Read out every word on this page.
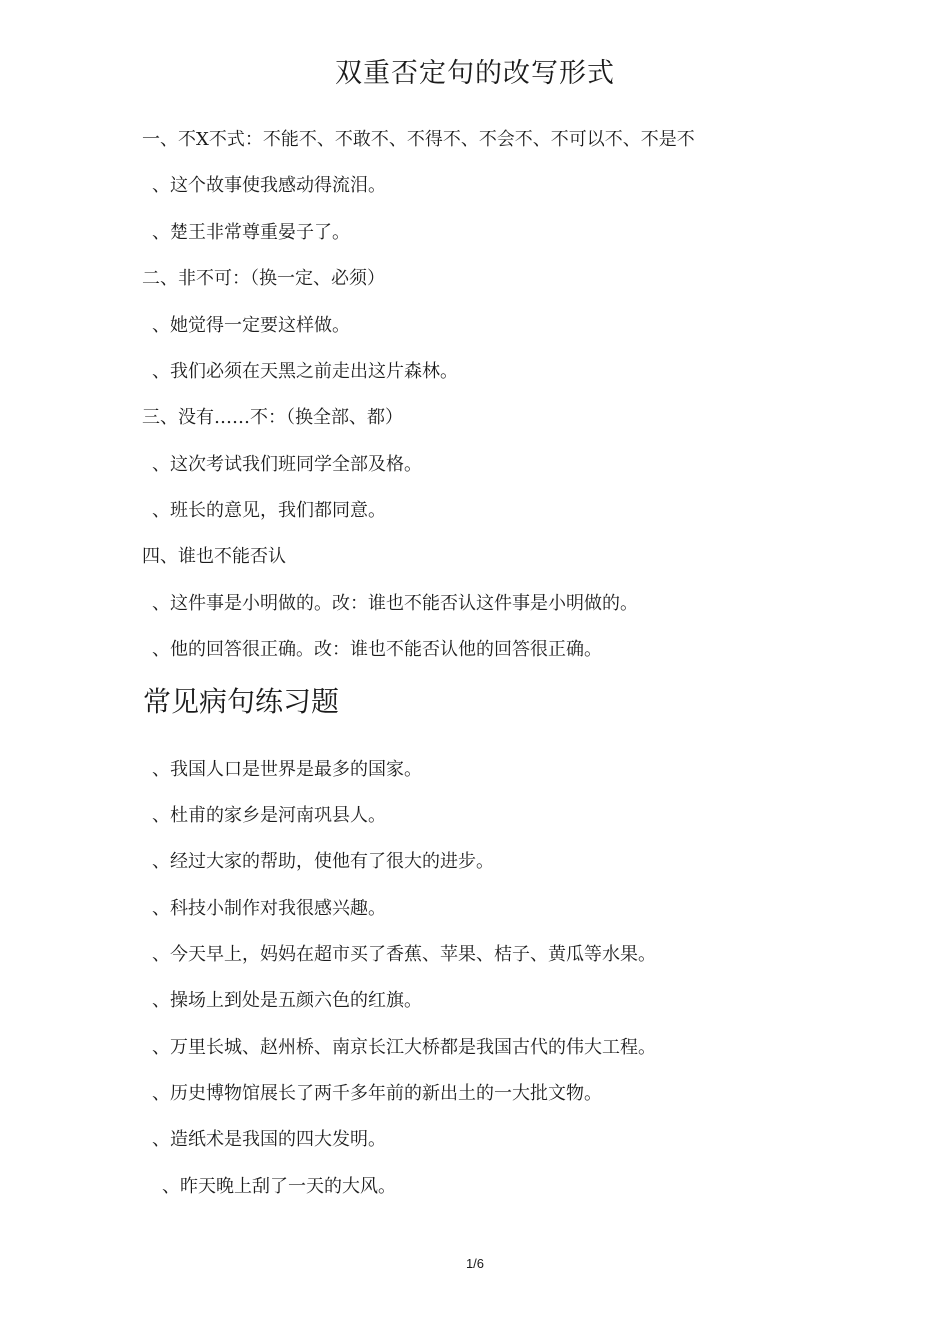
双重否定句的改写形式

一、不X不式：不能不、不敢不、不得不、不会不、不可以不、不是不

、这个故事使我感动得流泪。

、楚王非常尊重晏子了。

二、非不可：（换一定、必须）

、她觉得一定要这样做。

、我们必须在天黑之前走出这片森林。

三、没有……不：（换全部、都）

、这次考试我们班同学全部及格。

、班长的意见，我们都同意。

四、谁也不能否认

、这件事是小明做的。改：谁也不能否认这件事是小明做的。

、他的回答很正确。改：谁也不能否认他的回答很正确。

常见病句练习题

、我国人口是世界是最多的国家。

、杜甫的家乡是河南巩县人。

、经过大家的帮助，使他有了很大的进步。

、科技小制作对我很感兴趣。

、今天早上，妈妈在超市买了香蕉、苹果、桔子、黄瓜等水果。

、操场上到处是五颜六色的红旗。

、万里长城、赵州桥、南京长江大桥都是我国古代的伟大工程。

、历史博物馆展长了两千多年前的新出土的一大批文物。

、造纸术是我国的四大发明。

、昨天晚上刮了一天的大风。

1/6
